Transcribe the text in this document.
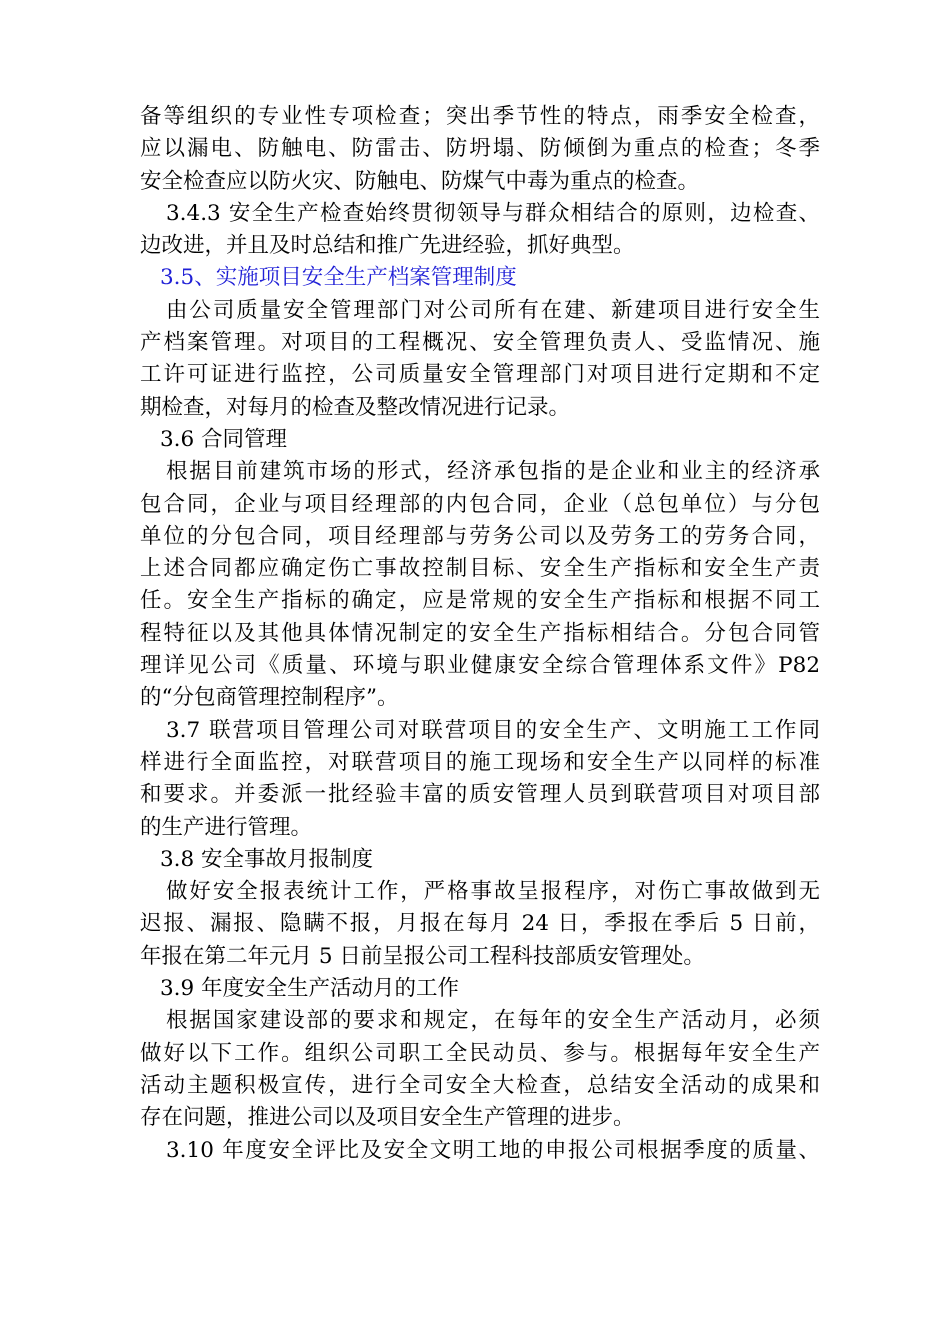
备等组织的专业性专项检查；突出季节性的特点，雨季安全检查，
应以漏电、防触电、防雷击、防坍塌、防倾倒为重点的检查；冬季
安全检查应以防火灾、防触电、防煤气中毒为重点的检查。
3.4.3 安全生产检查始终贯彻领导与群众相结合的原则，边检查、
边改进，并且及时总结和推广先进经验，抓好典型。
3.5、实施项目安全生产档案管理制度
由公司质量安全管理部门对公司所有在建、新建项目进行安全生
产档案管理。对项目的工程概况、安全管理负责人、受监情况、施
工许可证进行监控，公司质量安全管理部门对项目进行定期和不定
期检查，对每月的检查及整改情况进行记录。
3.6 合同管理
根据目前建筑市场的形式，经济承包指的是企业和业主的经济承
包合同，企业与项目经理部的内包合同，企业（总包单位）与分包
单位的分包合同，项目经理部与劳务公司以及劳务工的劳务合同，
上述合同都应确定伤亡事故控制目标、安全生产指标和安全生产责
任。安全生产指标的确定，应是常规的安全生产指标和根据不同工
程特征以及其他具体情况制定的安全生产指标相结合。分包合同管
理详见公司《质量、环境与职业健康安全综合管理体系文件》P82
的“分包商管理控制程序”。
3.7 联营项目管理公司对联营项目的安全生产、文明施工工作同
样进行全面监控，对联营项目的施工现场和安全生产以同样的标准
和要求。并委派一批经验丰富的质安管理人员到联营项目对项目部
的生产进行管理。
3.8 安全事故月报制度
做好安全报表统计工作，严格事故呈报程序，对伤亡事故做到无
迟报、漏报、隐瞒不报，月报在每月 24 日，季报在季后 5 日前，
年报在第二年元月 5 日前呈报公司工程科技部质安管理处。
3.9 年度安全生产活动月的工作
根据国家建设部的要求和规定，在每年的安全生产活动月，必须
做好以下工作。组织公司职工全民动员、参与。根据每年安全生产
活动主题积极宣传，进行全司安全大检查，总结安全活动的成果和
存在问题，推进公司以及项目安全生产管理的进步。
3.10 年度安全评比及安全文明工地的申报公司根据季度的质量、
